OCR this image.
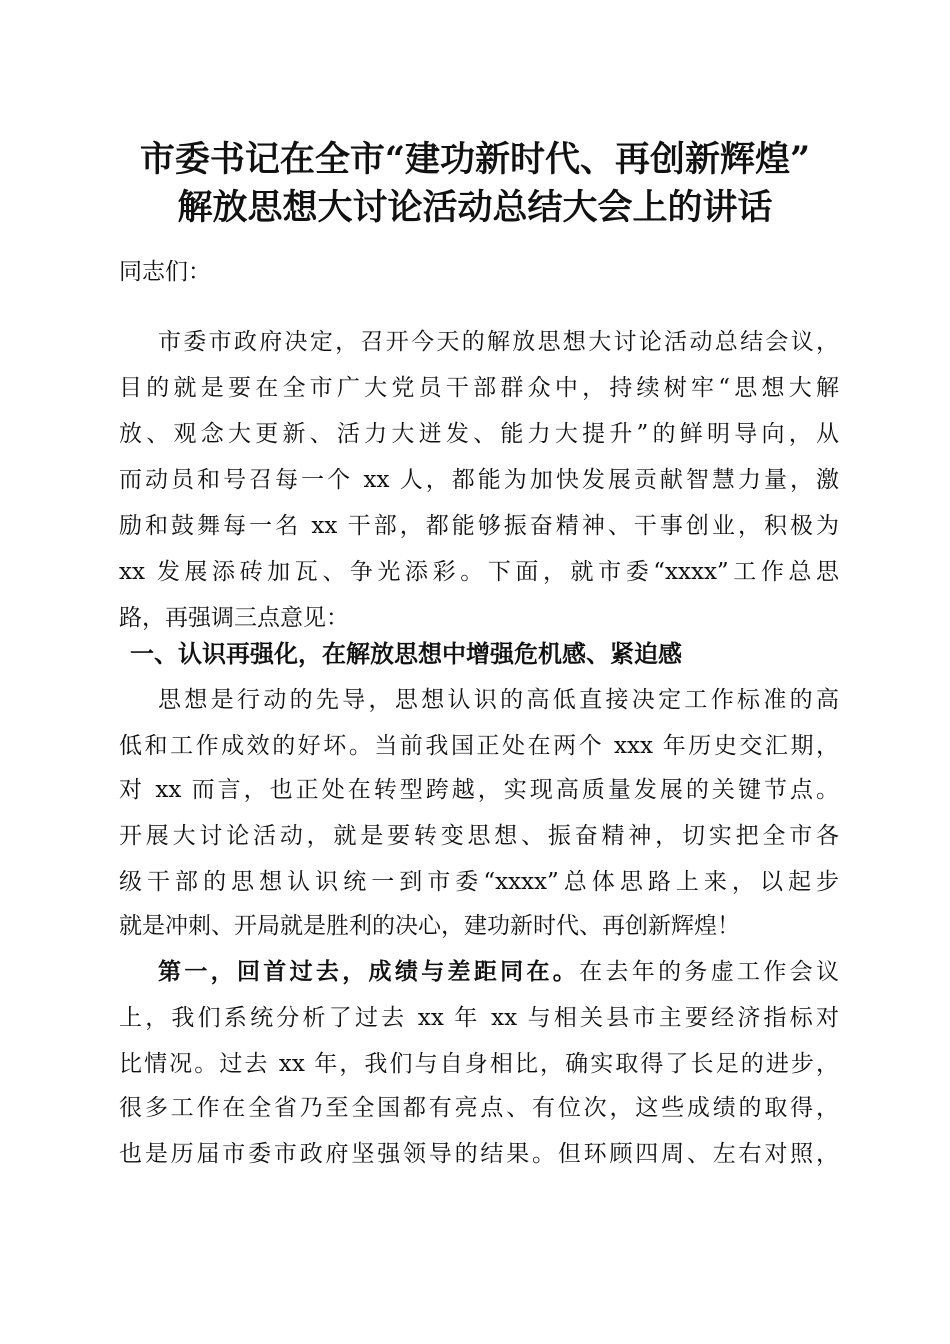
市委书记在全市“建功新时代、再创新辉煌”
解放思想大讨论活动总结大会上的讲话
同志们：
市委市政府决定，召开今天的解放思想大讨论活动总结会议，
目的就是要在全市广大党员干部群众中，持续树牢“思想大解
放、观念大更新、活力大迸发、能力大提升”的鲜明导向，从
而动员和号召每一个 xx 人，都能为加快发展贡献智慧力量，激
励和鼓舞每一名 xx 干部，都能够振奋精神、干事创业，积极为
xx 发展添砖加瓦、争光添彩。下面，就市委“xxxx”工作总思
路，再强调三点意见：
一、认识再强化，在解放思想中增强危机感、紧迫感
思想是行动的先导，思想认识的高低直接决定工作标准的高
低和工作成效的好坏。当前我国正处在两个 xxx 年历史交汇期，
对 xx 而言，也正处在转型跨越，实现高质量发展的关键节点。
开展大讨论活动，就是要转变思想、振奋精神，切实把全市各
级干部的思想认识统一到市委“xxxx”总体思路上来，以起步
就是冲刺、开局就是胜利的决心，建功新时代、再创新辉煌！
第一，回首过去，成绩与差距同在。在去年的务虚工作会议
上，我们系统分析了过去 xx 年 xx 与相关县市主要经济指标对
比情况。过去 xx 年，我们与自身相比，确实取得了长足的进步，
很多工作在全省乃至全国都有亮点、有位次，这些成绩的取得，
也是历届市委市政府坚强领导的结果。但环顾四周、左右对照，
